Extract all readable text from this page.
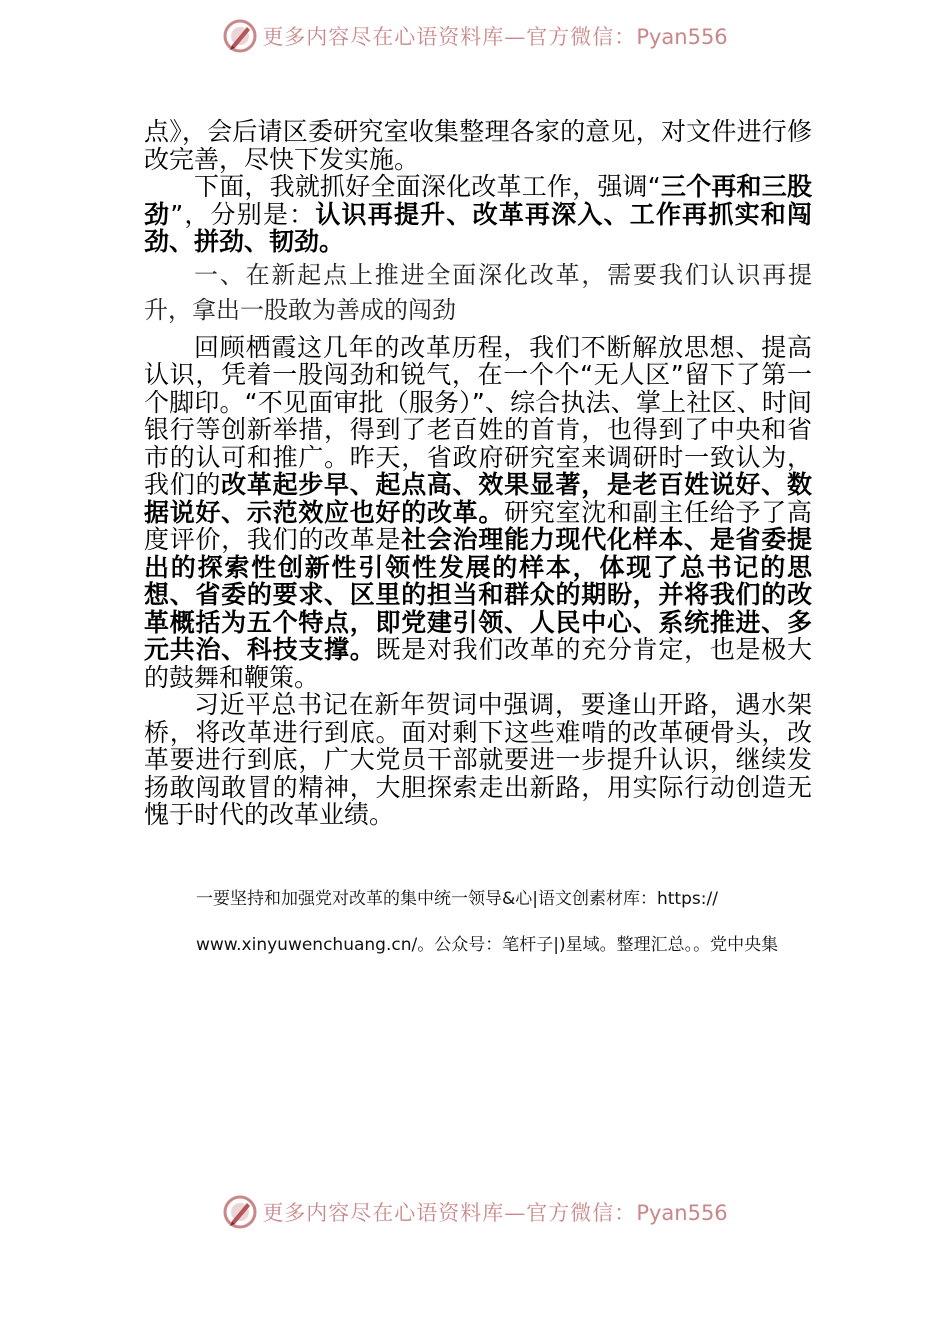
更多内容尽在心语资料库—官方微信：Pyan556

点》，会后请区委研究室收集整理各家的意见，对文件进行修改完善，尽快下发实施。

下面，我就抓好全面深化改革工作，强调“三个再和三股劲”，分别是：认识再提升、改革再深入、工作再抓实和闯劲、拼劲、韧劲。

一、在新起点上推进全面深化改革，需要我们认识再提升，拿出一股敢为善成的闯劲

回顾栖霞这几年的改革历程，我们不断解放思想、提高认识，凭着一股闯劲和锐气，在一个个“无人区”留下了第一个脚印。“不见面审批（服务）”、综合执法、掌上社区、时间银行等创新举措，得到了老百姓的首肯，也得到了中央和省市的认可和推广。昨天，省政府研究室来调研时一致认为，我们的改革起步早、起点高、效果显著，是老百姓说好、数据说好、示范效应也好的改革。研究室沈和副主任给予了高度评价，我们的改革是社会治理能力现代化样本、是省委提出的探索性创新性引领性发展的样本，体现了总书记的思想、省委的要求、区里的担当和群众的期盼，并将我们的改革概括为五个特点，即党建引领、人民中心、系统推进、多元共治、科技支撑。既是对我们改革的充分肯定，也是极大的鼓舞和鞭策。

习近平总书记在新年贺词中强调，要逢山开路，遇水架桥，将改革进行到底。面对剩下这些难啃的改革硬骨头，改革要进行到底，广大党员干部就要进一步提升认识，继续发扬敢闯敢冒的精神，大胆探索走出新路，用实际行动创造无愧于时代的改革业绩。

一要坚持和加强党对改革的集中统一领导&心|语文创素材库：https://
www.xinyuwenchuang.cn/。公众号：笔杆子|)星域。整理汇总。。党中央集
更多内容尽在心语资料库—官方微信：Pyan556
